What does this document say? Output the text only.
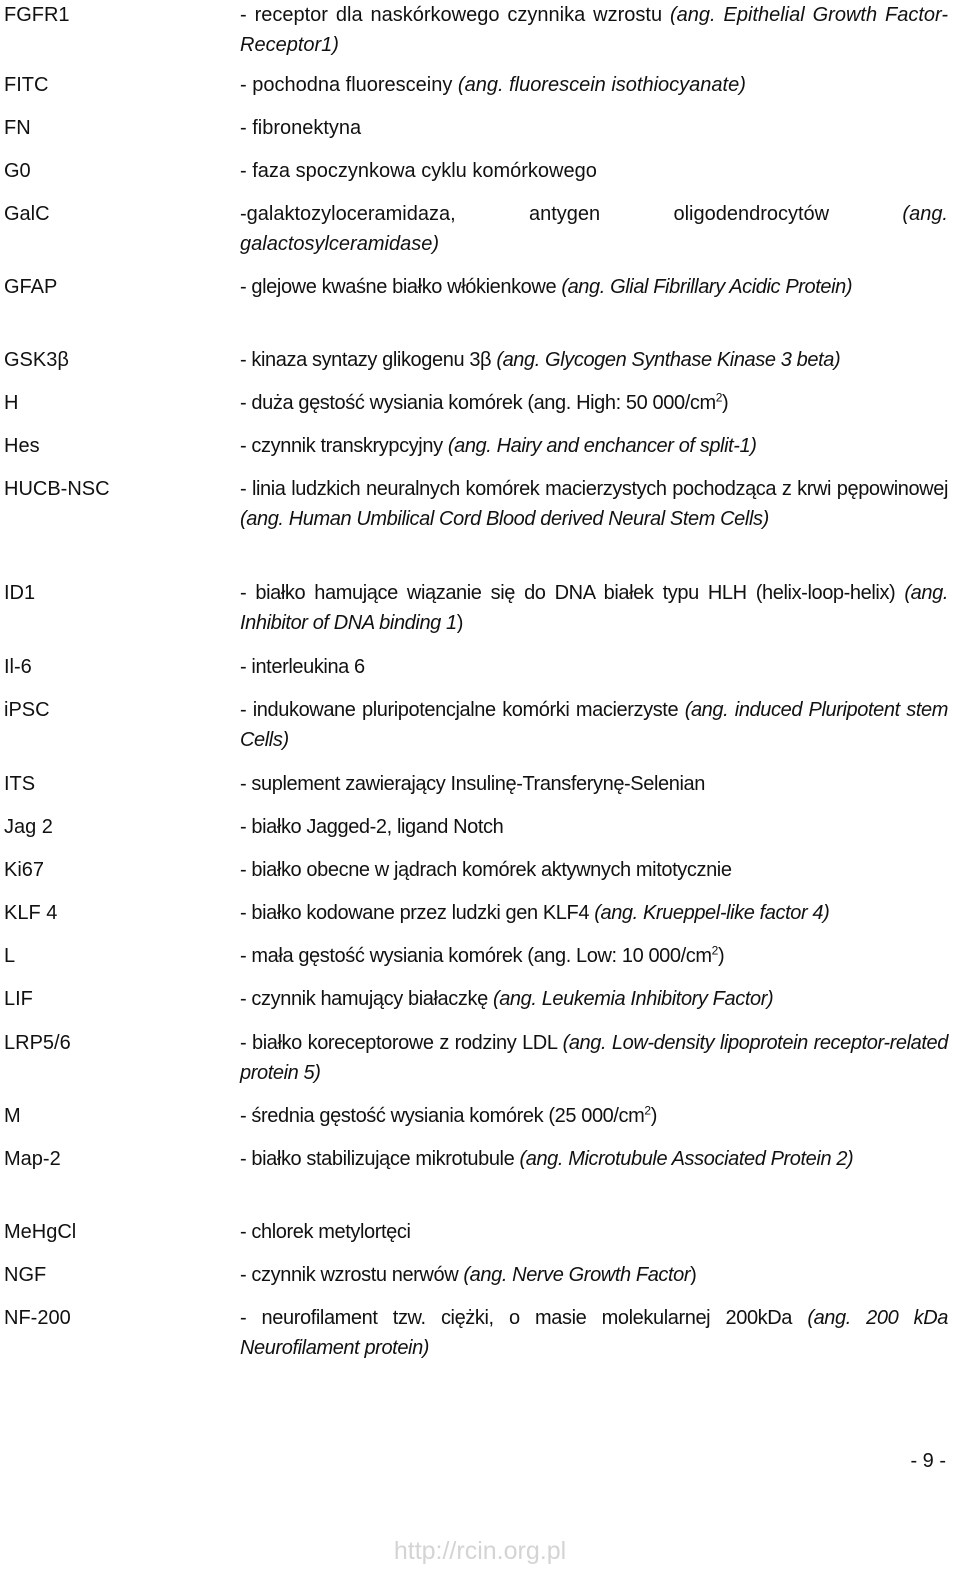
FGFR1	- receptor dla naskórkowego czynnika wzrostu (ang. Epithelial Growth Factor- Receptor1)
FITC	- pochodna fluoresceiny (ang. fluorescein isothiocyanate)
FN	- fibronektyna
G0	- faza spoczynkowa cyklu komórkowego
GalC	-galaktozyloceramidaza, antygen oligodendrocytów (ang. galactosylceramidase)
GFAP	- glejowe kwaśne białko włókienkowe (ang. Glial Fibrillary Acidic Protein)
GSK3β	- kinaza syntazy glikogenu 3β (ang. Glycogen Synthase Kinase 3 beta)
H	- duża gęstość wysiania komórek (ang. High: 50 $000/cm^2$)
Hes	- czynnik transkrypcyjny (ang. Hairy and enchancer of split-1)
HUCB-NSC	- linia ludzkich neuralnych komórek macierzystych pochodząca z krwi pępowinowej (ang. Human Umbilical Cord Blood derived Neural Stem Cells)
ID1	- białko hamujące wiązanie się do DNA białek typu HLH (helix-loop-helix) (ang. Inhibitor of DNA binding 1)
Il-6	- interleukina 6
iPSC	- indukowane pluripotencjalne komórki macierzyste (ang. induced Pluripotent stem Cells)
ITS	- suplement zawierający Insulinę-Transferynę-Selenian
Jag 2	- białko Jagged-2, ligand Notch
Ki67	- białko obecne w jądrach komórek aktywnych mitotycznie
KLF 4	- białko kodowane przez ludzki gen KLF4 (ang. Krueppel-like factor 4)
L	- mała gęstość wysiania komórek (ang. Low: 10 $000/cm^2$)
LIF	- czynnik hamujący białaczkę (ang. Leukemia Inhibitory Factor)
LRP5/6	- białko koreceptorowe z rodziny LDL (ang. Low-density lipoprotein receptor-related protein 5)
M	- średnia gęstość wysiania komórek (25 $000/cm^2$)
Map-2	- białko stabilizujące mikrotubule (ang. Microtubule Associated Protein 2)
MeHgCl	- chlorek metylortęci
NGF	- czynnik wzrostu nerwów (ang. Nerve Growth Factor)
NF-200	- neurofilament tzw. ciężki, o masie molekularnej 200kDa (ang. 200 kDa Neurofilament protein)
- 9 -
http://rcin.org.pl
